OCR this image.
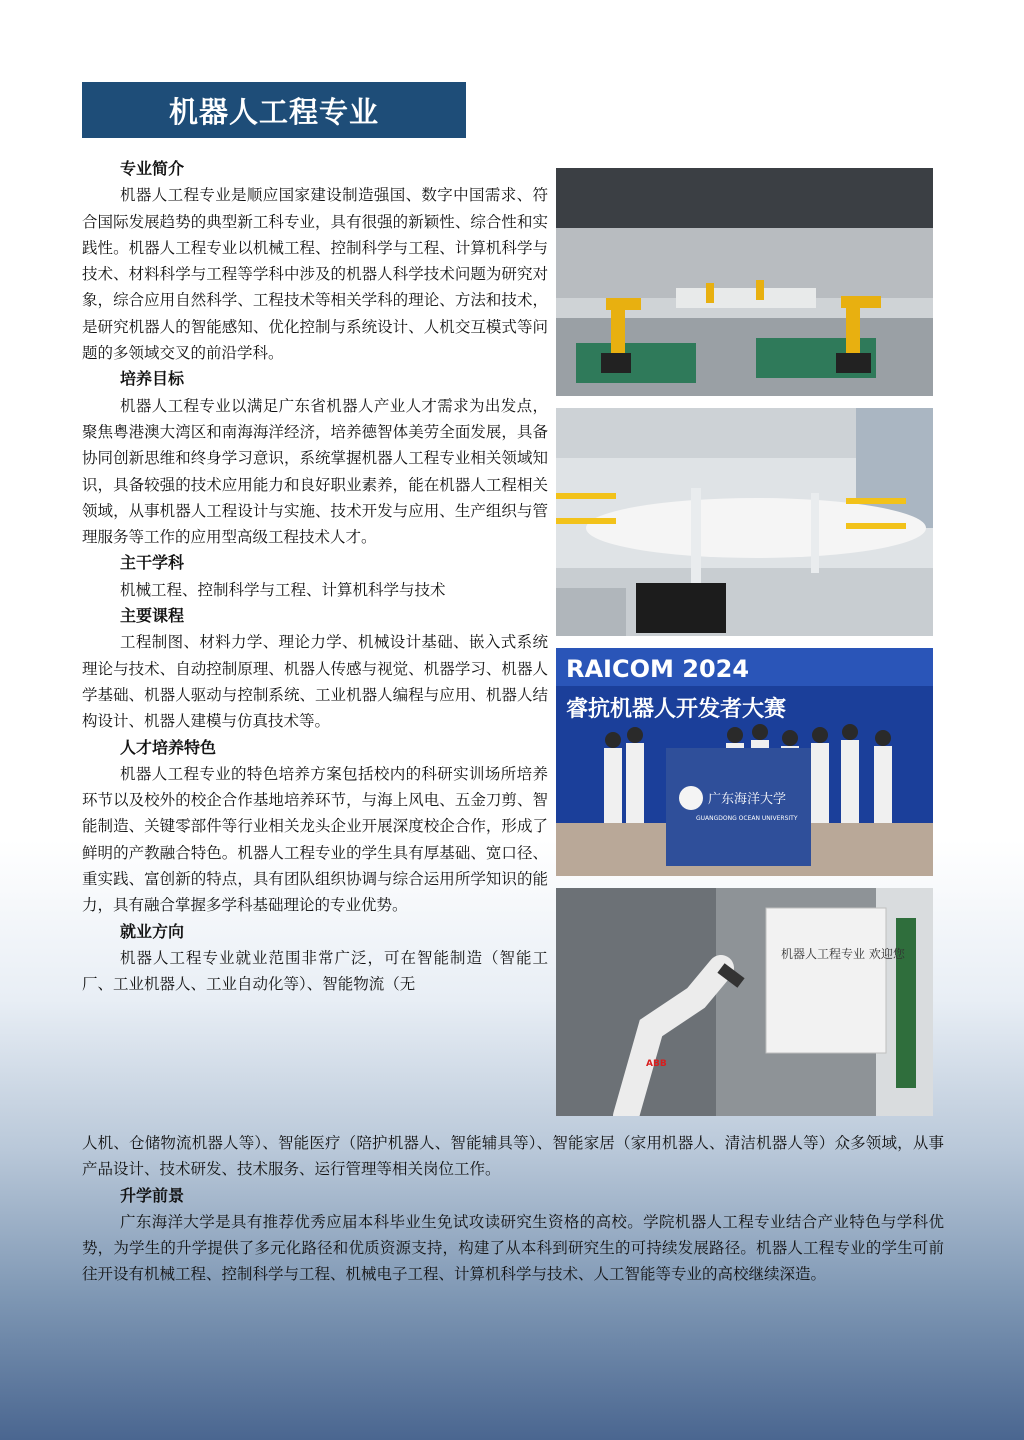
机器人工程专业
专业简介

机器人工程专业是顺应国家建设制造强国、数字中国需求、符合国际发展趋势的典型新工科专业，具有很强的新颖性、综合性和实践性。机器人工程专业以机械工程、控制科学与工程、计算机科学与技术、材料科学与工程等学科中涉及的机器人科学技术问题为研究对象，综合应用自然科学、工程技术等相关学科的理论、方法和技术，是研究机器人的智能感知、优化控制与系统设计、人机交互模式等问题的多领域交叉的前沿学科。

培养目标

机器人工程专业以满足广东省机器人产业人才需求为出发点，聚焦粤港澳大湾区和南海海洋经济，培养德智体美劳全面发展，具备协同创新思维和终身学习意识，系统掌握机器人工程专业相关领域知识，具备较强的技术应用能力和良好职业素养，能在机器人工程相关领域，从事机器人工程设计与实施、技术开发与应用、生产组织与管理服务等工作的应用型高级工程技术人才。

主干学科

机械工程、控制科学与工程、计算机科学与技术

主要课程

工程制图、材料力学、理论力学、机械设计基础、嵌入式系统理论与技术、自动控制原理、机器人传感与视觉、机器学习、机器人学基础、机器人驱动与控制系统、工业机器人编程与应用、机器人结构设计、机器人建模与仿真技术等。

人才培养特色

机器人工程专业的特色培养方案包括校内的科研实训场所培养环节以及校外的校企合作基地培养环节，与海上风电、五金刀剪、智能制造、关键零部件等行业相关龙头企业开展深度校企合作，形成了鲜明的产教融合特色。机器人工程专业的学生具有厚基础、宽口径、重实践、富创新的特点，具有团队组织协调与综合运用所学知识的能力，具有融合掌握多学科基础理论的专业优势。

就业方向

机器人工程专业就业范围非常广泛，可在智能制造（智能工厂、工业机器人、工业自动化等）、智能物流（无

人机、仓储物流机器人等）、智能医疗（陪护机器人、智能辅具等）、智能家居（家用机器人、清洁机器人等）众多领域，从事产品设计、技术研发、技术服务、运行管理等相关岗位工作。

升学前景

广东海洋大学是具有推荐优秀应届本科毕业生免试攻读研究生资格的高校。学院机器人工程专业结合产业特色与学科优势，为学生的升学提供了多元化路径和优质资源支持，构建了从本科到研究生的可持续发展路径。机器人工程专业的学生可前往开设有机械工程、控制科学与工程、机械电子工程、计算机科学与技术、人工智能等专业的高校继续深造。

RAICOM 2024
睿抗机器人开发者大赛
广东海洋大学
GUANGDONG OCEAN UNIVERSITY
机器人工程专业 欢迎您
ABB
